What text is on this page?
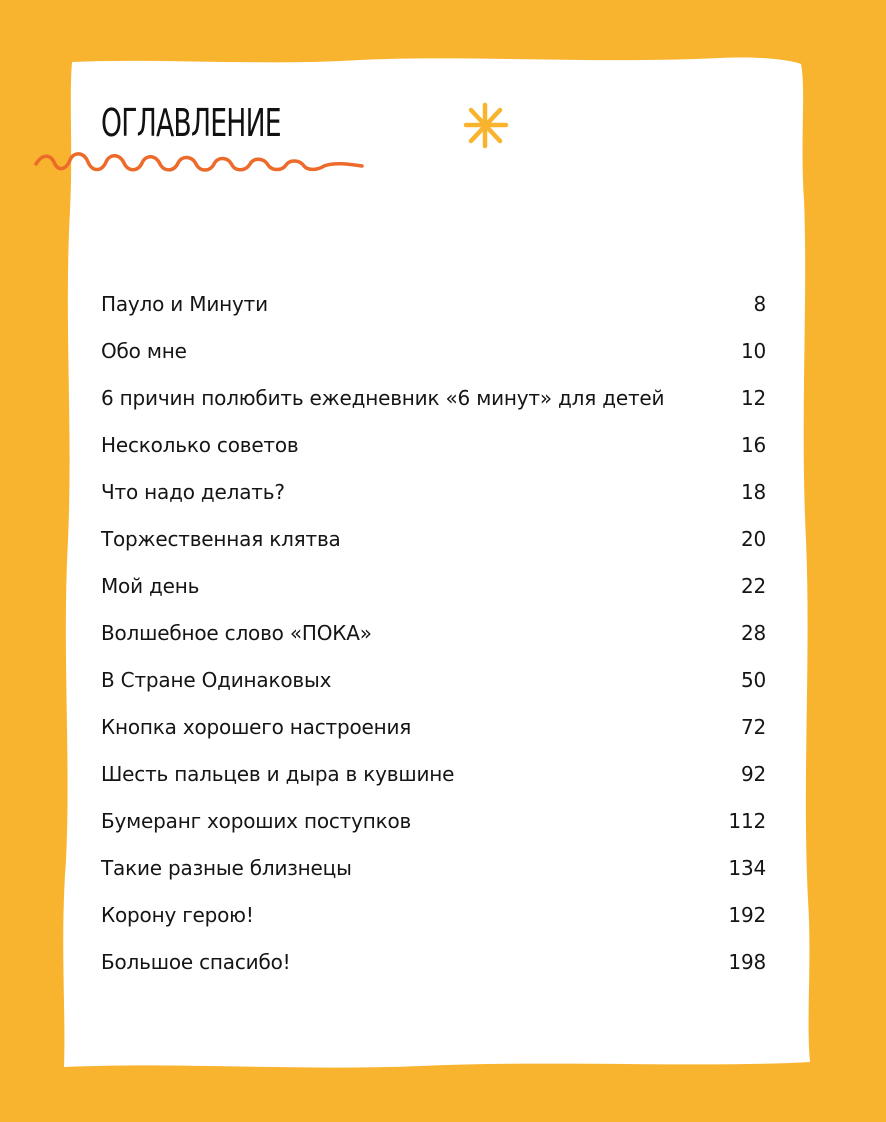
ОГЛАВЛЕНИЕ
Пауло и Минути	8
Обо мне	10
6 причин полюбить ежедневник «6 минут» для детей	12
Несколько советов	16
Что надо делать?	18
Торжественная клятва	20
Мой день	22
Волшебное слово «ПОКА»	28
В Стране Одинаковых	50
Кнопка хорошего настроения	72
Шесть пальцев и дыра в кувшине	92
Бумеранг хороших поступков	112
Такие разные близнецы	134
Корону герою!	192
Большое спасибо!	198
